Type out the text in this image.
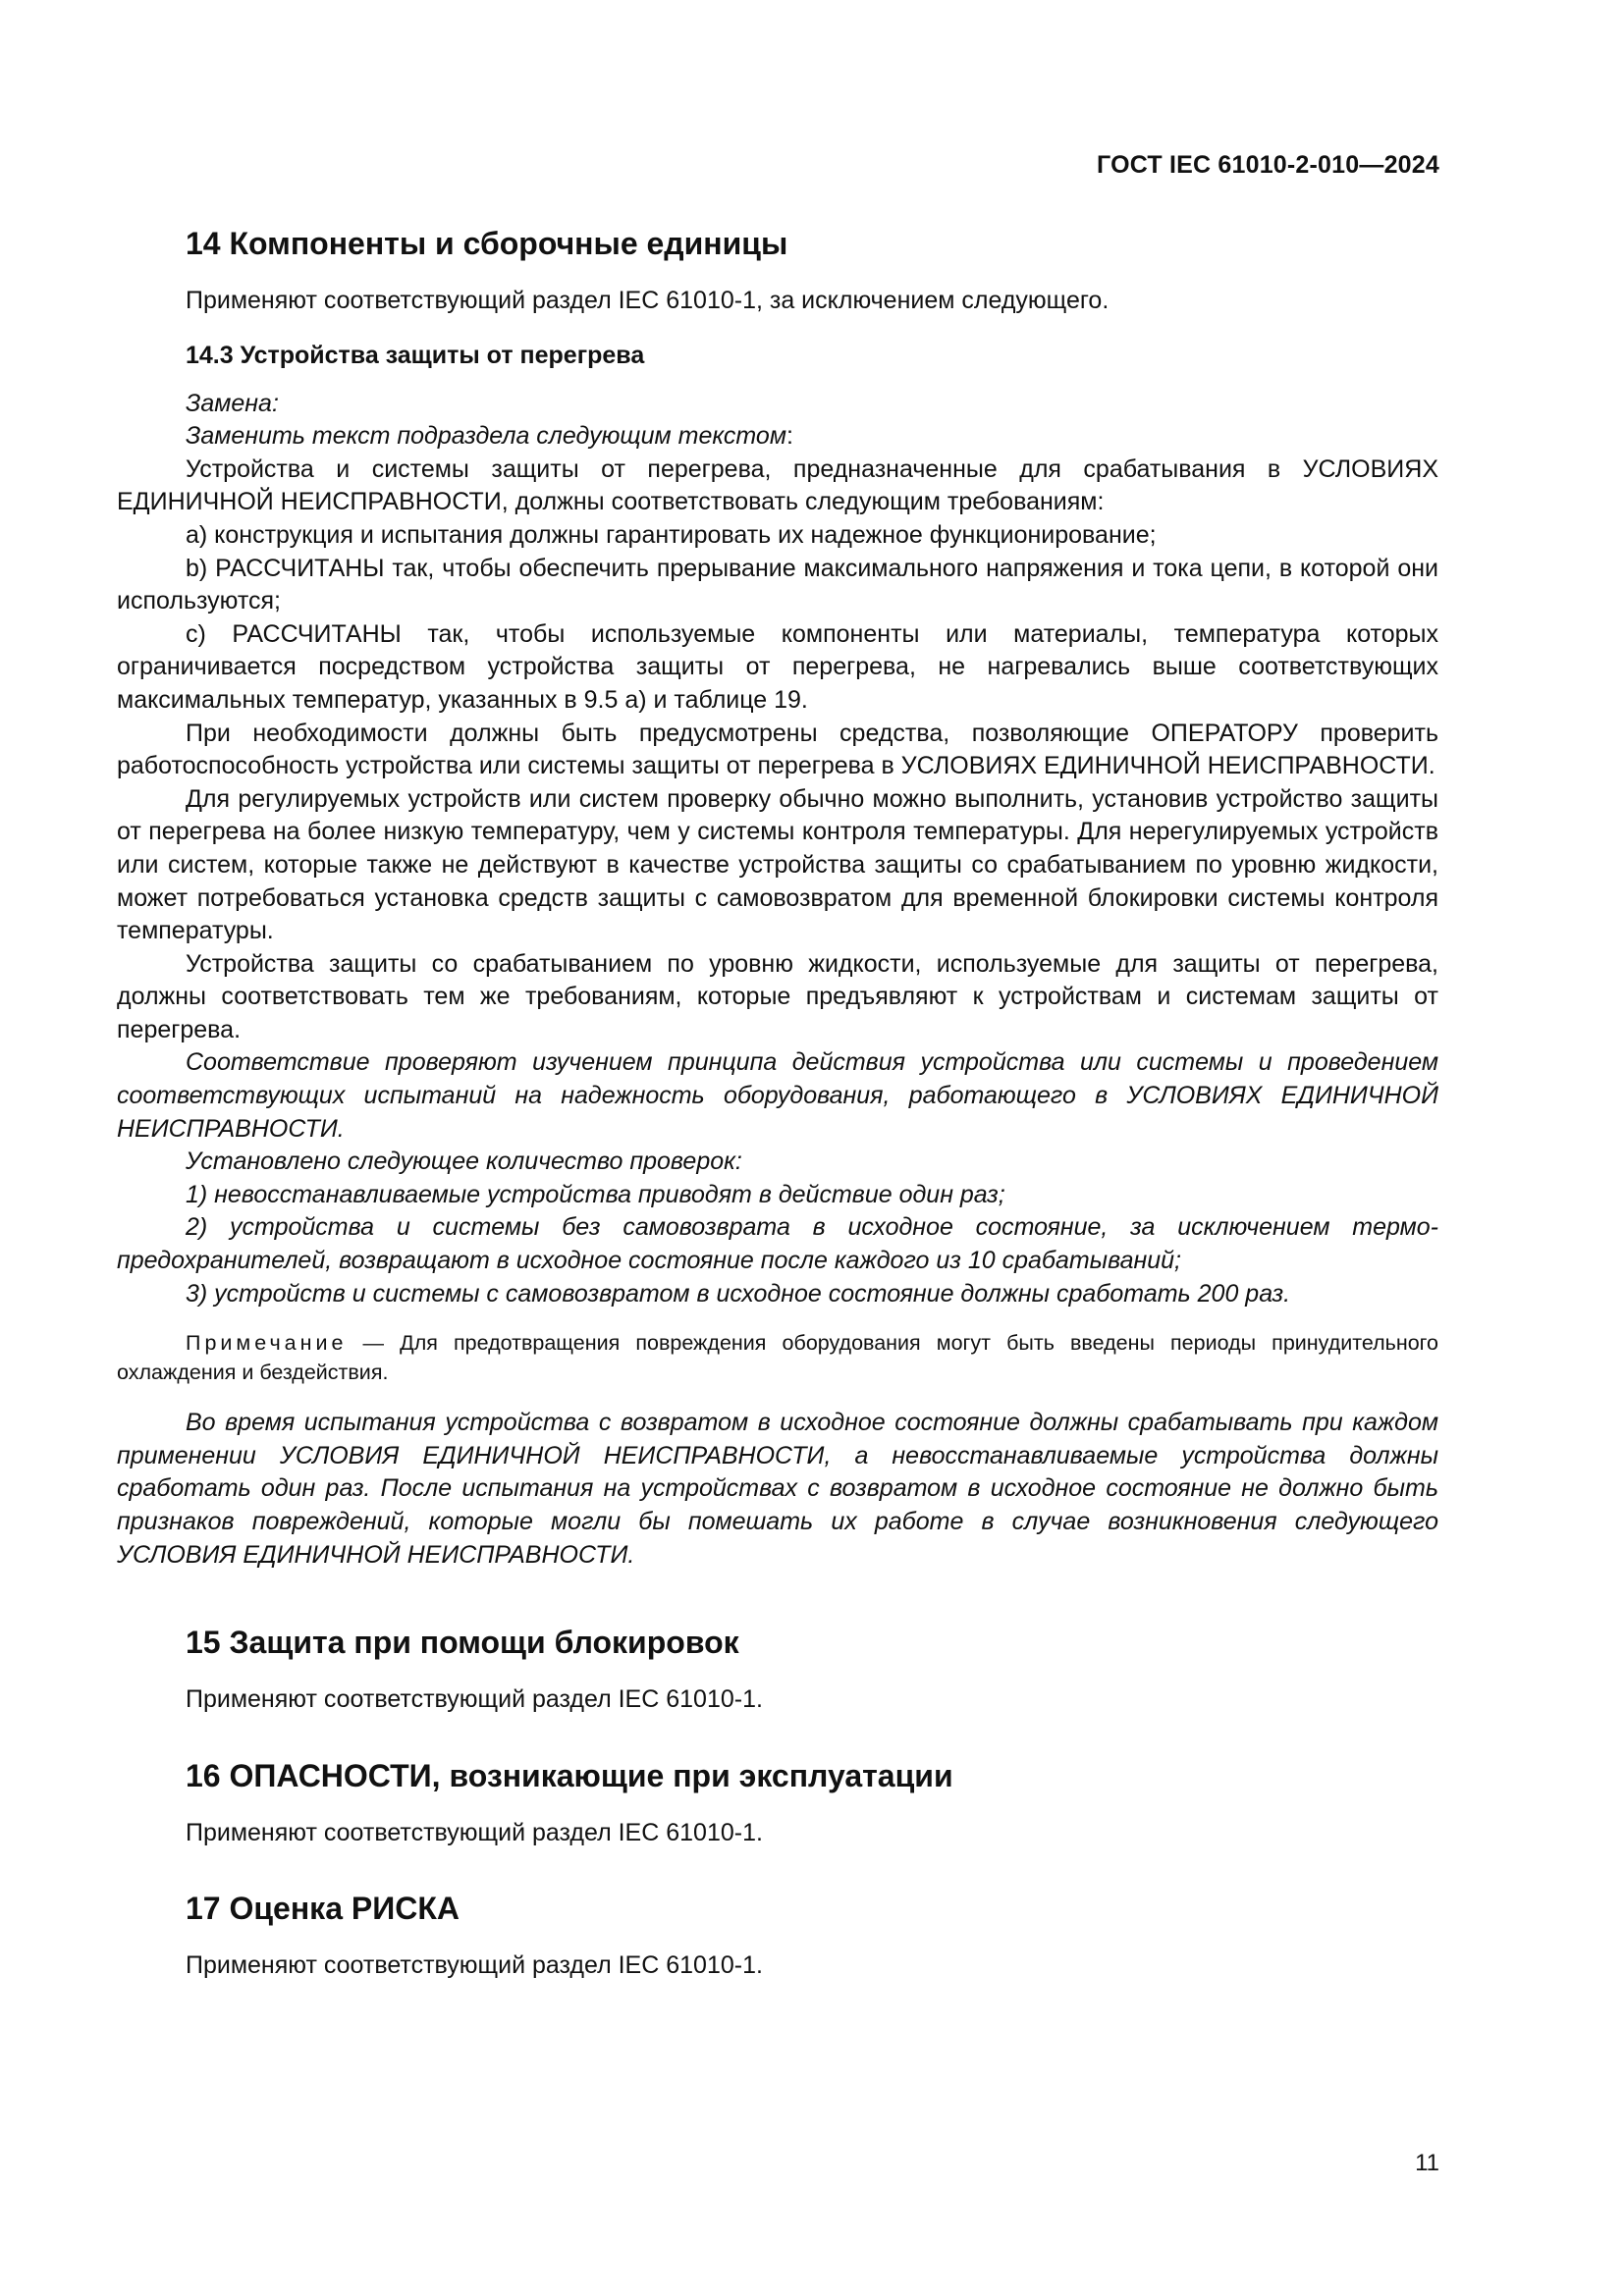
ГОСТ IEC 61010-2-010—2024
14 Компоненты и сборочные единицы

Применяют соответствующий раздел IEC 61010-1, за исключением следующего.

14.3 Устройства защиты от перегрева

Замена:

Заменить текст подраздела следующим текстом:

Устройства и системы защиты от перегрева, предназначенные для срабатывания в УСЛОВИЯХ ЕДИНИЧНОЙ НЕИСПРАВНОСТИ, должны соответствовать следующим требованиям:

a) конструкция и испытания должны гарантировать их надежное функционирование;

b) РАССЧИТАНЫ так, чтобы обеспечить прерывание максимального напряжения и тока цепи, в которой они используются;

c) РАССЧИТАНЫ так, чтобы используемые компоненты или материалы, температура которых ограничивается посредством устройства защиты от перегрева, не нагревались выше соответствующих максимальных температур, указанных в 9.5 a) и таблице 19.

При необходимости должны быть предусмотрены средства, позволяющие ОПЕРАТОРУ проверить работоспособность устройства или системы защиты от перегрева в УСЛОВИЯХ ЕДИНИЧНОЙ НЕИСПРАВНОСТИ.

Для регулируемых устройств или систем проверку обычно можно выполнить, установив устройство защиты от перегрева на более низкую температуру, чем у системы контроля температуры. Для нерегулируемых устройств или систем, которые также не действуют в качестве устройства защиты со срабатыванием по уровню жидкости, может потребоваться установка средств защиты с самовозвратом для временной блокировки системы контроля температуры.

Устройства защиты со срабатыванием по уровню жидкости, используемые для защиты от перегрева, должны соответствовать тем же требованиям, которые предъявляют к устройствам и системам защиты от перегрева.

Соответствие проверяют изучением принципа действия устройства или системы и проведением соответствующих испытаний на надежность оборудования, работающего в УСЛОВИЯХ ЕДИНИЧНОЙ НЕИСПРАВНОСТИ.

Установлено следующее количество проверок:

1) невосстанавливаемые устройства приводят в действие один раз;

2) устройства и системы без самовозврата в исходное состояние, за исключением термопредохранителей, возвращают в исходное состояние после каждого из 10 срабатываний;

3) устройств и системы с самовозвратом в исходное состояние должны сработать 200 раз.

Примечание — Для предотвращения повреждения оборудования могут быть введены периоды принудительного охлаждения и бездействия.

Во время испытания устройства с возвратом в исходное состояние должны срабатывать при каждом применении УСЛОВИЯ ЕДИНИЧНОЙ НЕИСПРАВНОСТИ, а невосстанавливаемые устройства должны сработать один раз. После испытания на устройствах с возвратом в исходное состояние не должно быть признаков повреждений, которые могли бы помешать их работе в случае возникновения следующего УСЛОВИЯ ЕДИНИЧНОЙ НЕИСПРАВНОСТИ.

15 Защита при помощи блокировок

Применяют соответствующий раздел IEC 61010-1.

16 ОПАСНОСТИ, возникающие при эксплуатации

Применяют соответствующий раздел IEC 61010-1.

17 Оценка РИСКА

Применяют соответствующий раздел IEC 61010-1.

11
